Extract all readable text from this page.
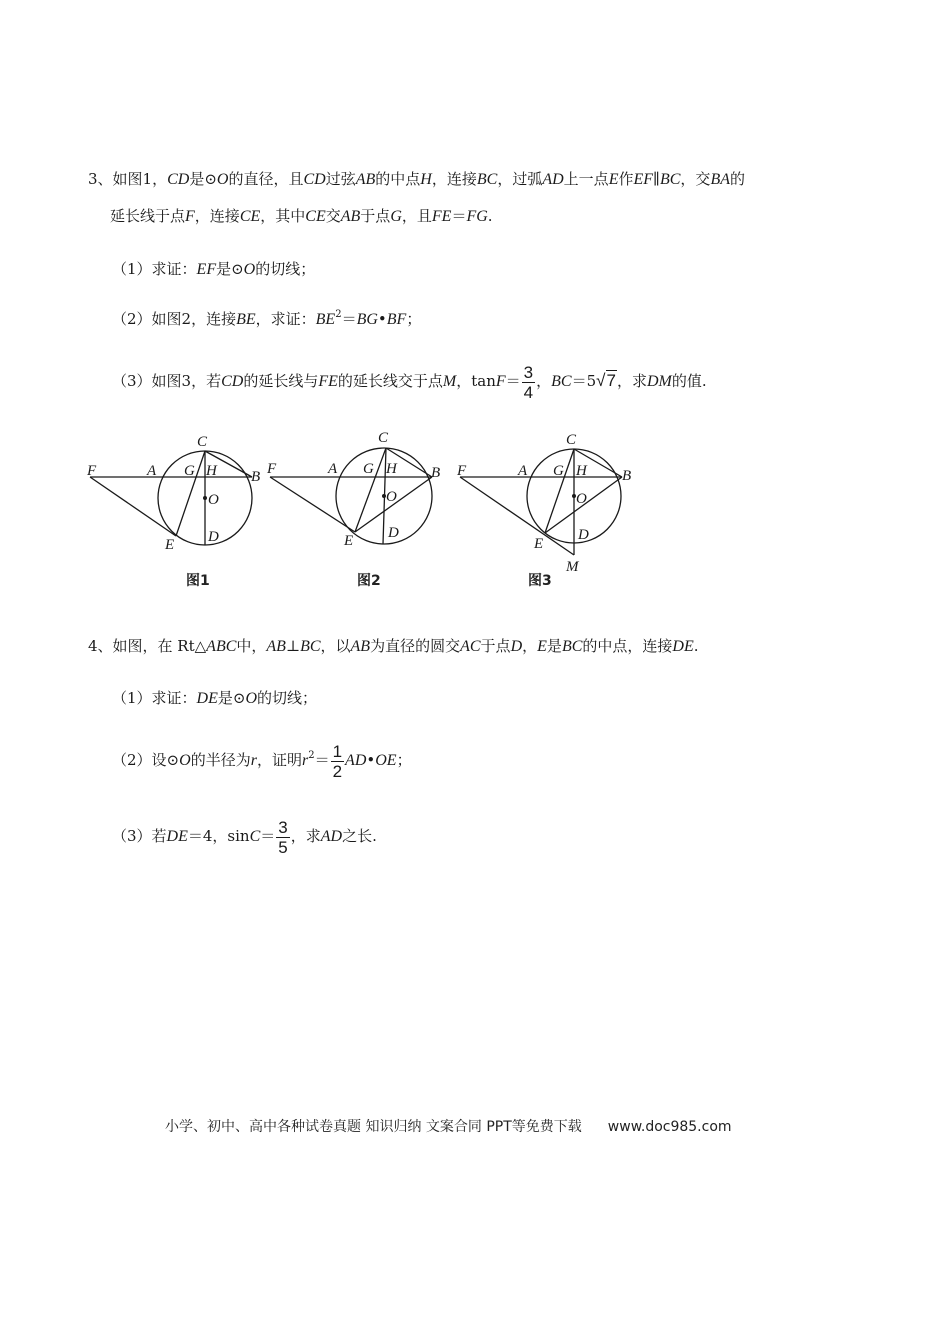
3、如图1，CD是⊙O的直径，且CD过弦AB的中点H，连接BC，过弧AD上一点E作EF∥BC，交BA的
延长线于点F，连接CE，其中CE交AB于点G，且FE＝FG.
（1）求证：EF是⊙O的切线；
（2）如图2，连接BE，求证：$BE^2=BG•BF$；
（3）如图3，若CD的延长线与FE的延长线交于点M，$\tan F= \frac{3}{4}$ ，BC＝5√7，求DM的值.
F	A G H
C
B
O
E D
图1
F	A G H
C
B
O
E D
图2
F	A G H
C
B
O
E
D
M
图3
4、如图，在 Rt△ABC中，AB⊥BC，以AB为直径的圆交AC于点D，E是BC的中点，连接DE.
（1）求证：DE是⊙O的切线；
（2）设⊙O的半径为r，证明$r^2= \frac{1}{2}$ AD•OE；
（3）若DE＝4，$\sin C= \frac{3}{5}$ ，求AD之长.
小学、初中、高中各种试卷真题 知识归纳 文案合同 PPT等免费下载 www.doc985.com
